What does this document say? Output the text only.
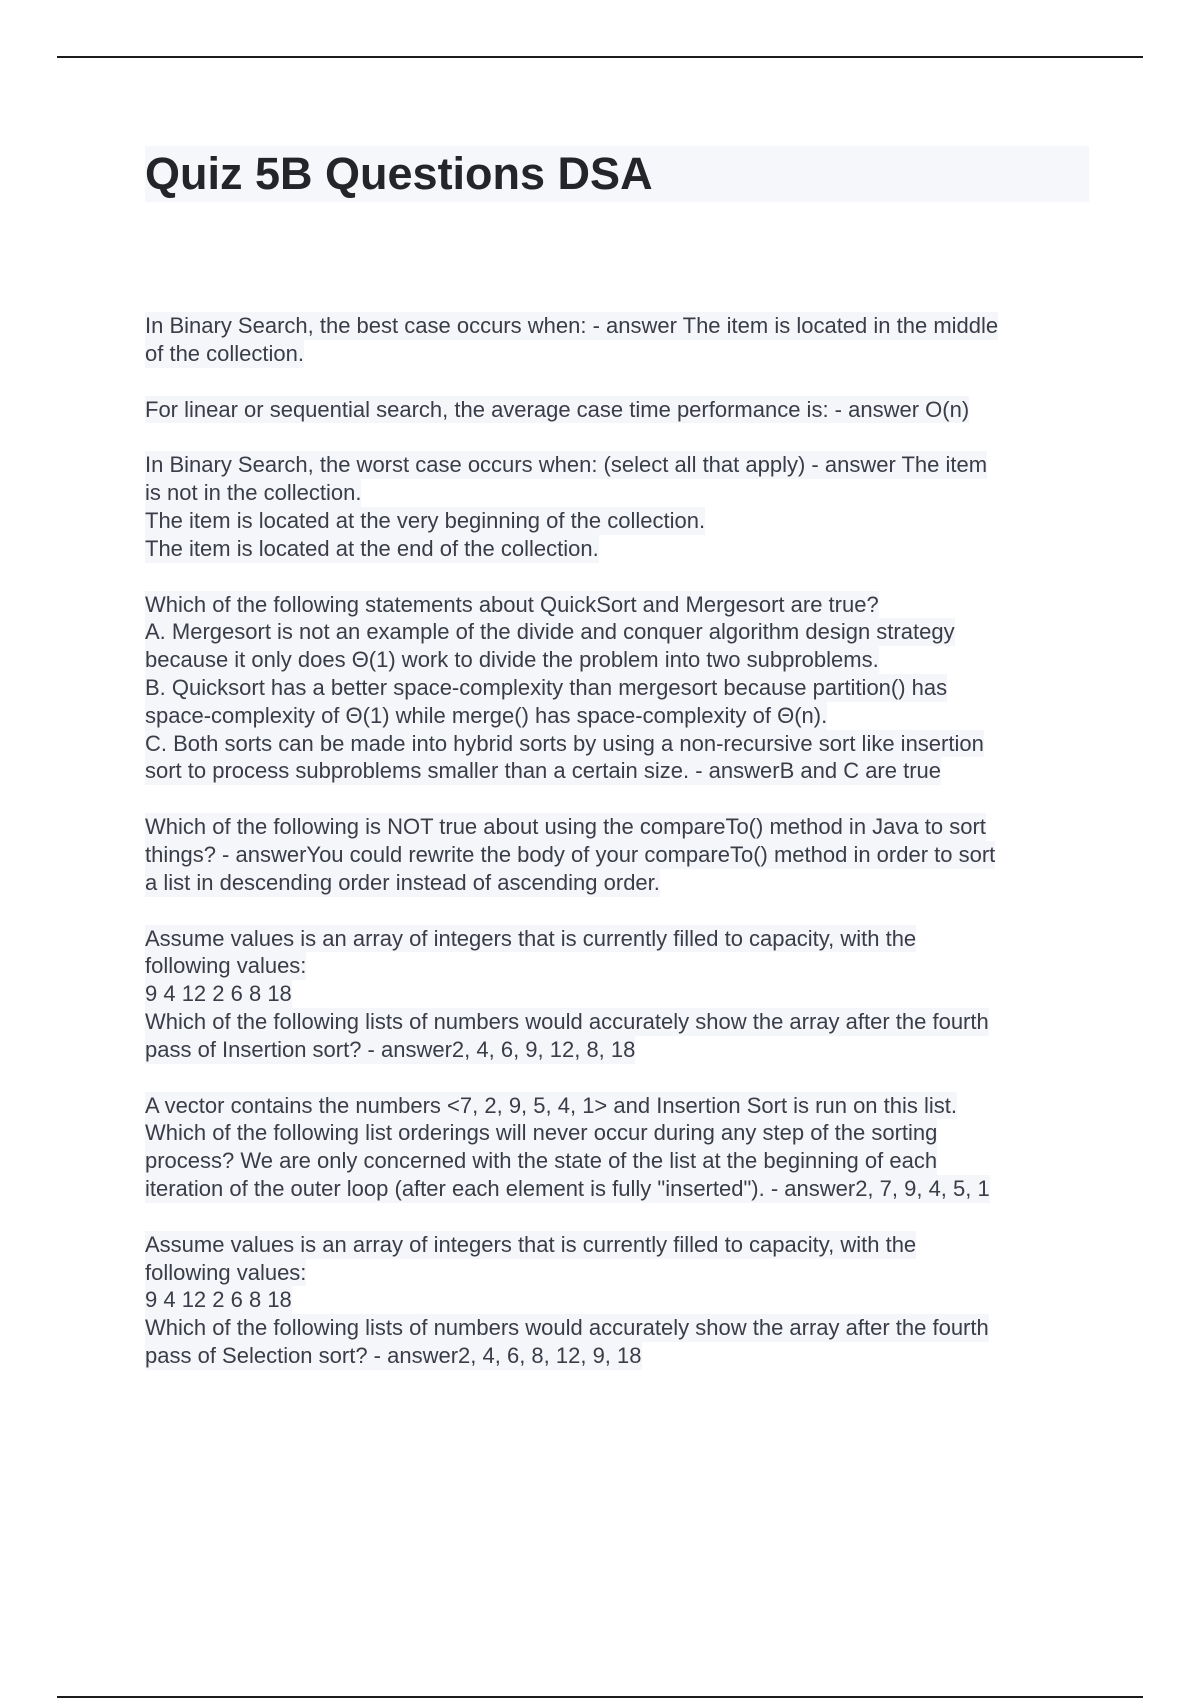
Quiz 5B Questions DSA
In Binary Search, the best case occurs when: - answer The item is located in the middle
of the collection.
For linear or sequential search, the average case time performance is: - answer O(n)
In Binary Search, the worst case occurs when: (select all that apply) - answer The item
is not in the collection.
The item is located at the very beginning of the collection.
The item is located at the end of the collection.
Which of the following statements about QuickSort and Mergesort are true?
A. Mergesort is not an example of the divide and conquer algorithm design strategy
because it only does Θ(1) work to divide the problem into two subproblems.
B. Quicksort has a better space-complexity than mergesort because partition() has
space-complexity of Θ(1) while merge() has space-complexity of Θ(n).
C. Both sorts can be made into hybrid sorts by using a non-recursive sort like insertion
sort to process subproblems smaller than a certain size. - answerB and C are true
Which of the following is NOT true about using the compareTo() method in Java to sort
things? - answerYou could rewrite the body of your compareTo() method in order to sort
a list in descending order instead of ascending order.
Assume values is an array of integers that is currently filled to capacity, with the
following values:
9 4 12 2 6 8 18
Which of the following lists of numbers would accurately show the array after the fourth
pass of Insertion sort? - answer2, 4, 6, 9, 12, 8, 18
A vector contains the numbers <7, 2, 9, 5, 4, 1> and Insertion Sort is run on this list.
Which of the following list orderings will never occur during any step of the sorting
process? We are only concerned with the state of the list at the beginning of each
iteration of the outer loop (after each element is fully "inserted"). - answer2, 7, 9, 4, 5, 1
Assume values is an array of integers that is currently filled to capacity, with the
following values:
9 4 12 2 6 8 18
Which of the following lists of numbers would accurately show the array after the fourth
pass of Selection sort? - answer2, 4, 6, 8, 12, 9, 18
